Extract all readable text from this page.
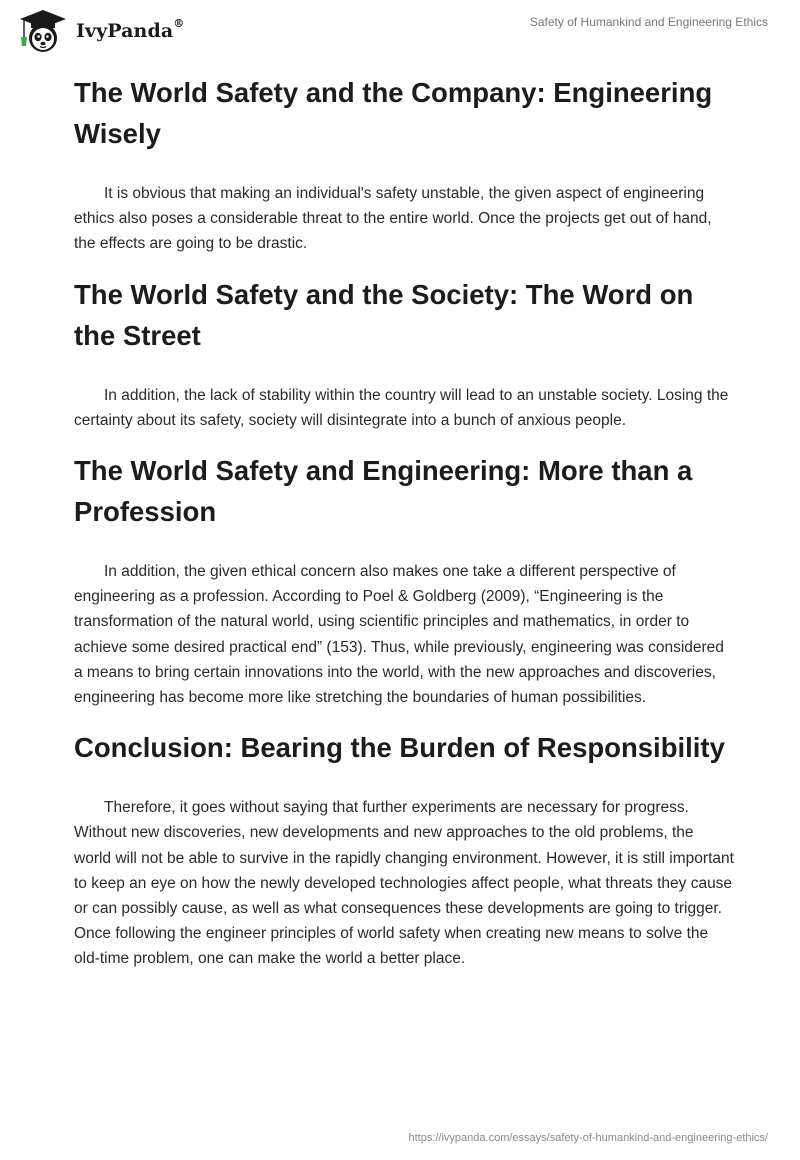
IvyPanda®	Safety of Humankind and Engineering Ethics
The World Safety and the Company: Engineering Wisely

It is obvious that making an individual's safety unstable, the given aspect of engineering ethics also poses a considerable threat to the entire world. Once the projects get out of hand, the effects are going to be drastic.

The World Safety and the Society: The Word on the Street

In addition, the lack of stability within the country will lead to an unstable society. Losing the certainty about its safety, society will disintegrate into a bunch of anxious people.

The World Safety and Engineering: More than a Profession

In addition, the given ethical concern also makes one take a different perspective of engineering as a profession. According to Poel & Goldberg (2009), “Engineering is the transformation of the natural world, using scientific principles and mathematics, in order to achieve some desired practical end” (153). Thus, while previously, engineering was considered a means to bring certain innovations into the world, with the new approaches and discoveries, engineering has become more like stretching the boundaries of human possibilities.

Conclusion: Bearing the Burden of Responsibility

Therefore, it goes without saying that further experiments are necessary for progress. Without new discoveries, new developments and new approaches to the old problems, the world will not be able to survive in the rapidly changing environment. However, it is still important to keep an eye on how the newly developed technologies affect people, what threats they cause or can possibly cause, as well as what consequences these developments are going to trigger. Once following the engineer principles of world safety when creating new means to solve the old-time problem, one can make the world a better place.

https://ivypanda.com/essays/safety-of-humankind-and-engineering-ethics/
